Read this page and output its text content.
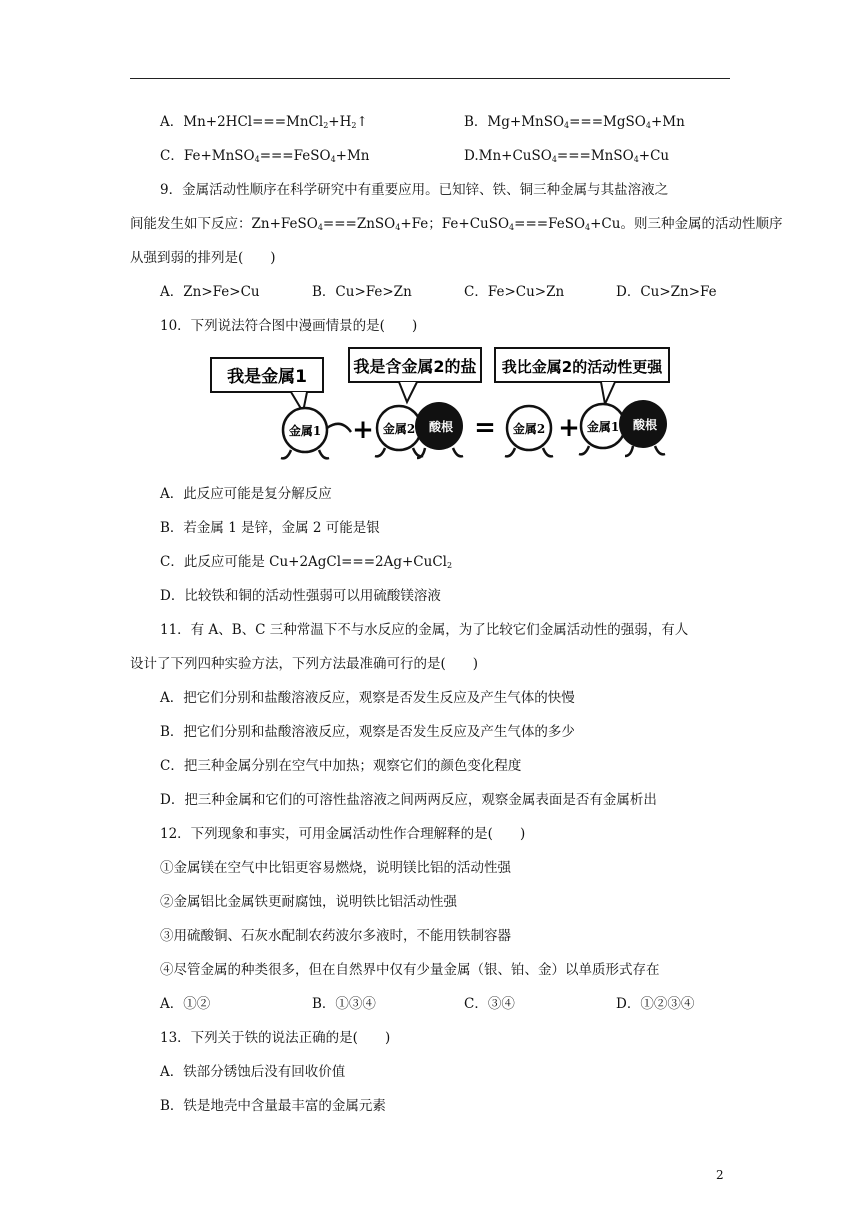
A．$Mn+2HCl===MnCl_2+H_2↑$	B．Mg+MnSO$_4$===MgSO$_4$+Mn
C．Fe+MnSO$_4$===FeSO$_4$+Mn	D.Mn+CuSO$_4$===MnSO$_4$+Cu
9．金属活动性顺序在科学研究中有重要应用。已知锌、铁、铜三种金属与其盐溶液之
间能发生如下反应：Zn+FeSO$_4$===ZnSO$_4$+Fe；Fe+CuSO$_4$===FeSO$_4$+Cu。则三种金属的活动性顺序
从强到弱的排列是(　　)
A．Zn>Fe>Cu	B．Cu>Fe>Zn	C．Fe>Cu>Zn	D．Cu>Zn>Fe
10．下列说法符合图中漫画情景的是(　　)
我是金属1
我是含金属2的盐 我比金属2的活动性更强
金属1 + 金属2 酸根 = 金属2 + 金属1 酸根
A．此反应可能是复分解反应
B．若金属 1 是锌，金属 2 可能是银
C．此反应可能是 Cu+2AgCl===2Ag+CuCl$_2$
D．比较铁和铜的活动性强弱可以用硫酸镁溶液
11．有 A、B、C 三种常温下不与水反应的金属，为了比较它们金属活动性的强弱，有人
设计了下列四种实验方法，下列方法最准确可行的是(　　)
A．把它们分别和盐酸溶液反应，观察是否发生反应及产生气体的快慢
B．把它们分别和盐酸溶液反应，观察是否发生反应及产生气体的多少
C．把三种金属分别在空气中加热；观察它们的颜色变化程度
D．把三种金属和它们的可溶性盐溶液之间两两反应，观察金属表面是否有金属析出
12．下列现象和事实，可用金属活动性作合理解释的是(　　)
①金属镁在空气中比铝更容易燃烧，说明镁比铝的活动性强
②金属铝比金属铁更耐腐蚀，说明铁比铝活动性强
③用硫酸铜、石灰水配制农药波尔多液时，不能用铁制容器
④尽管金属的种类很多，但在自然界中仅有少量金属（银、铂、金）以单质形式存在
A．①②	B．①③④	C．③④	D．①②③④
13．下列关于铁的说法正确的是(　　)
A．铁部分锈蚀后没有回收价值
B．铁是地壳中含量最丰富的金属元素
2
